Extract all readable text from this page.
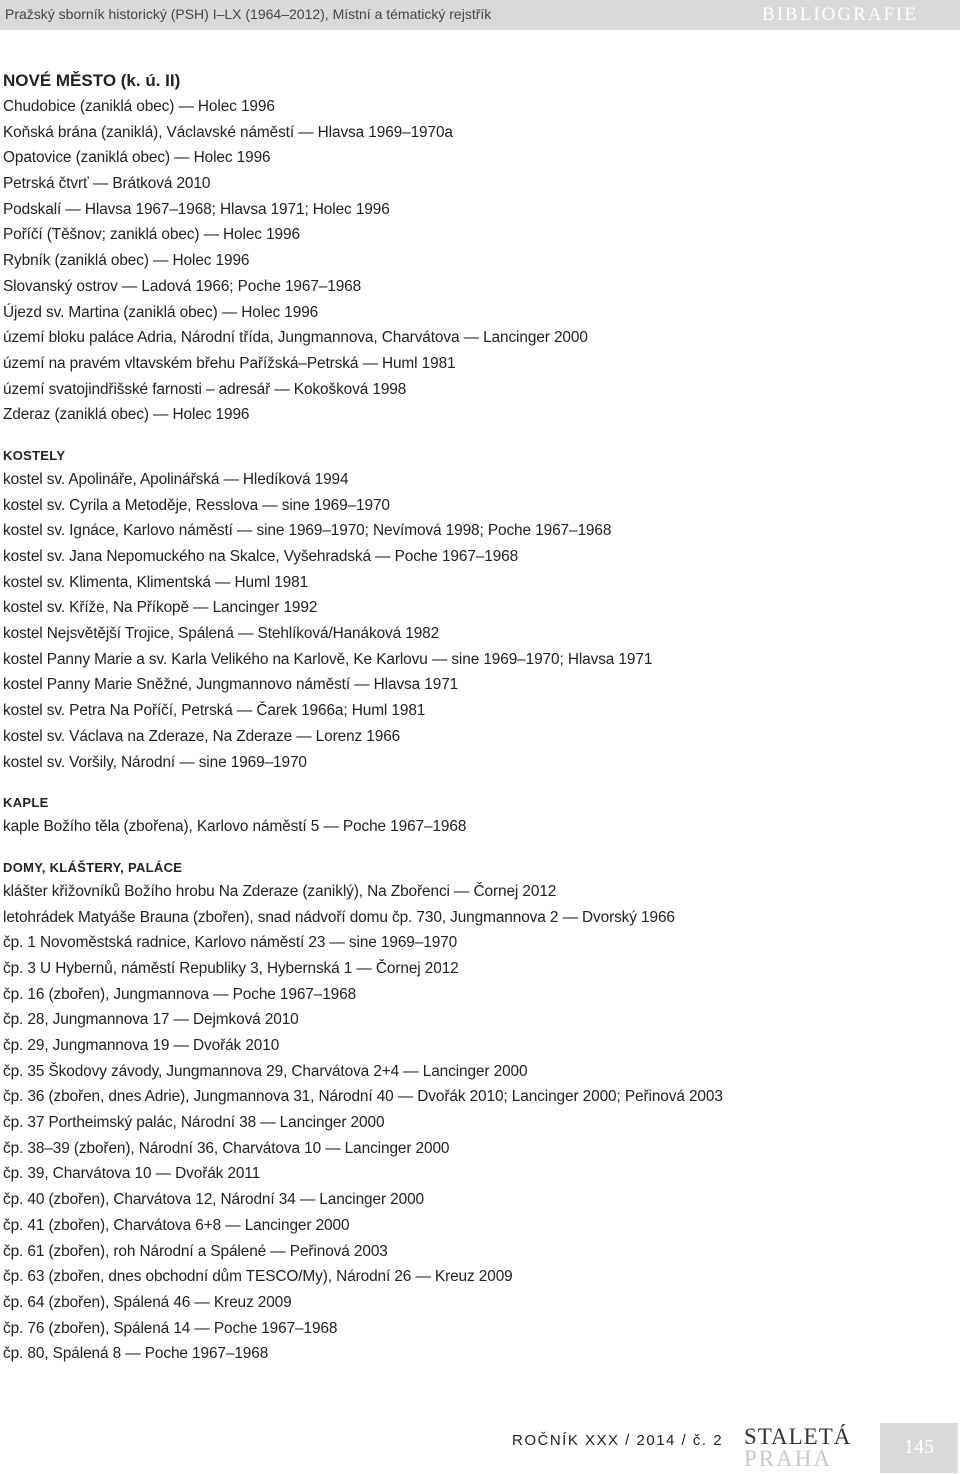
Pražský sborník historický (PSH) I–LX (1964–2012), Místní a tématický rejstřík	BIBLIOGRAFIE
NOVÉ MĚSTO (k. ú. II)
Chudobice (zaniklá obec) — Holec 1996
Koňská brána (zaniklá), Václavské náměstí — Hlavsa 1969–1970a
Opatovice (zaniklá obec) — Holec 1996
Petrská čtvrť — Brátková 2010
Podskalí — Hlavsa 1967–1968; Hlavsa 1971; Holec 1996
Poříčí (Těšnov; zaniklá obec) — Holec 1996
Rybník (zaniklá obec) — Holec 1996
Slovanský ostrov — Ladová 1966; Poche 1967–1968
Újezd sv. Martina (zaniklá obec) — Holec 1996
území bloku paláce Adria, Národní třída, Jungmannova, Charvátova — Lancinger 2000
území na pravém vltavském břehu Pařížská–Petrská — Huml 1981
území svatojindřišské farnosti – adresář — Kokošková 1998
Zderaz (zaniklá obec) — Holec 1996
KOSTELY
kostel sv. Apolináře, Apolinářská — Hledíková 1994
kostel sv. Cyrila a Metoděje, Resslova — sine 1969–1970
kostel sv. Ignáce, Karlovo náměstí — sine 1969–1970; Nevímová 1998; Poche 1967–1968
kostel sv. Jana Nepomuckého na Skalce, Vyšehradská — Poche 1967–1968
kostel sv. Klimenta, Klimentská — Huml 1981
kostel sv. Kříže, Na Příkopě — Lancinger 1992
kostel Nejsvětější Trojice, Spálená — Stehlíková/Hanáková 1982
kostel Panny Marie a sv. Karla Velikého na Karlově, Ke Karlovu — sine 1969–1970; Hlavsa 1971
kostel Panny Marie Sněžné, Jungmannovo náměstí — Hlavsa 1971
kostel sv. Petra Na Poříčí, Petrská — Čarek 1966a; Huml 1981
kostel sv. Václava na Zderaze, Na Zderaze — Lorenz 1966
kostel sv. Voršily, Národní — sine 1969–1970
KAPLE
kaple Božího těla (zbořena), Karlovo náměstí 5 — Poche 1967–1968
DOMY, KLÁŠTERY, PALÁCE
klášter křižovníků Božího hrobu Na Zderaze (zaniklý), Na Zbořenci — Čornej 2012
letohrádek Matyáše Brauna (zbořen), snad nádvoří domu čp. 730, Jungmannova 2 — Dvorský 1966
čp. 1 Novoměstská radnice, Karlovo náměstí 23 — sine 1969–1970
čp. 3 U Hybernů, náměstí Republiky 3, Hybernská 1 — Čornej 2012
čp. 16 (zbořen), Jungmannova — Poche 1967–1968
čp. 28, Jungmannova 17 — Dejmková 2010
čp. 29, Jungmannova 19 — Dvořák 2010
čp. 35 Škodovy závody, Jungmannova 29, Charvátova 2+4 — Lancinger 2000
čp. 36 (zbořen, dnes Adrie), Jungmannova 31, Národní 40 — Dvořák 2010; Lancinger 2000; Peřinová 2003
čp. 37 Portheimský palác, Národní 38 — Lancinger 2000
čp. 38–39 (zbořen), Národní 36, Charvátova 10 — Lancinger 2000
čp. 39, Charvátova 10 — Dvořák 2011
čp. 40 (zbořen), Charvátova 12, Národní 34 — Lancinger 2000
čp. 41 (zbořen), Charvátova 6+8 — Lancinger 2000
čp. 61 (zbořen), roh Národní a Spálené — Peřinová 2003
čp. 63 (zbořen, dnes obchodní dům TESCO/My), Národní 26 — Kreuz 2009
čp. 64 (zbořen), Spálená 46 — Kreuz 2009
čp. 76 (zbořen), Spálená 14 — Poche 1967–1968
čp. 80, Spálená 8 — Poche 1967–1968
ROČNÍK XXX / 2014 / č. 2 STALETÁ
PRAHA	145
